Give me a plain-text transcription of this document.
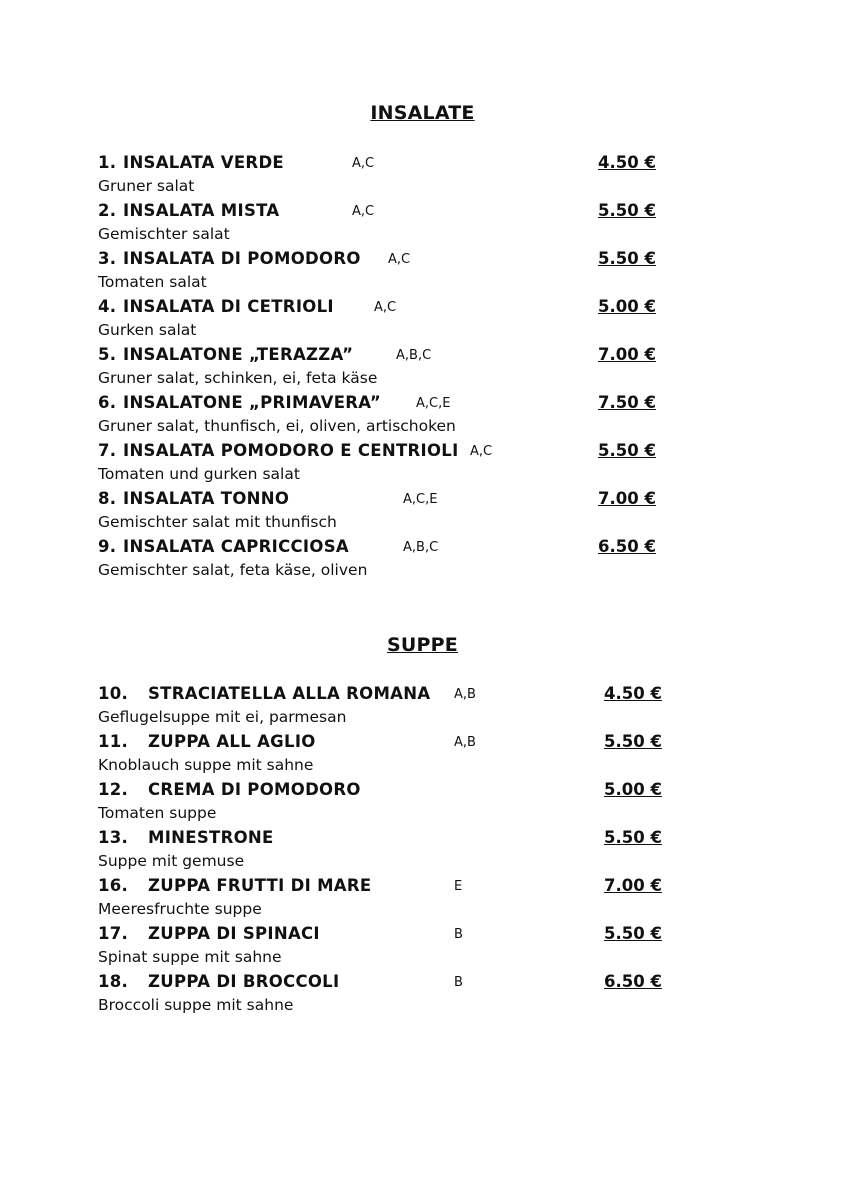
INSALATE
1. INSALATA VERDE	A,C	4.50 €
Gruner salat
2. INSALATA MISTA	A,C	5.50 €
Gemischter salat
3. INSALATA DI POMODORO A,C	5.50 €
Tomaten salat
4. INSALATA DI CETRIOLI	A,C	5.00 €
Gurken salat
5. INSALATONE „TERAZZA”	A,B,C	7.00 €
Gruner salat, schinken, ei, feta käse
6. INSALATONE „PRIMAVERA”	A,C,E	7.50 €
Gruner salat, thunfisch, ei, oliven, artischoken
7. INSALATA POMODORO E CENTRIOLI A,C	5.50 €
Tomaten und gurken salat
8. INSALATA TONNO	A,C,E	7.00 €
Gemischter salat mit thunfisch
9. INSALATA CAPRICCIOSA	A,B,C	6.50 €
Gemischter salat, feta käse, oliven
SUPPE
10. STRACIATELLA ALLA ROMANA A,B	4.50 €
Geflugelsuppe mit ei, parmesan
11. ZUPPA ALL AGLIO	A,B	5.50 €
Knoblauch suppe mit sahne
12. CREMA DI POMODORO	5.00 €
Tomaten suppe
13. MINESTRONE	5.50 €
Suppe mit gemuse
16. ZUPPA FRUTTI DI MARE	E	7.00 €
Meeresfruchte suppe
17. ZUPPA DI SPINACI	B	5.50 €
Spinat suppe mit sahne
18. ZUPPA DI BROCCOLI	B	6.50 €
Broccoli suppe mit sahne
